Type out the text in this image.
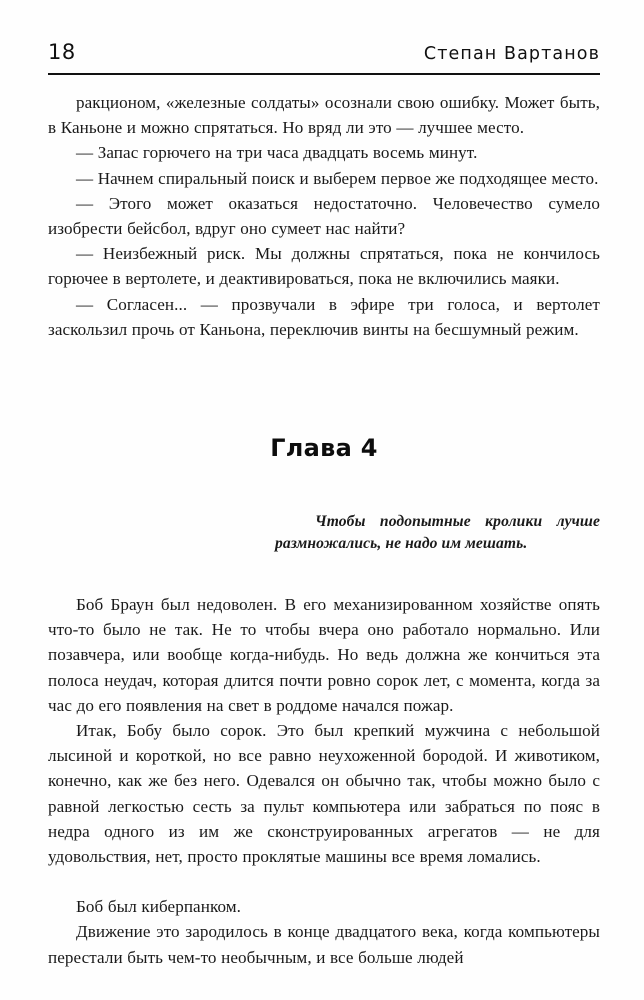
18	Степан Вартанов

ракционом, «железные солдаты» осознали свою ошибку. Может быть, в Каньоне и можно спрятаться. Но вряд ли это — лучшее место.

— Запас горючего на три часа двадцать восемь минут.

— Начнем спиральный поиск и выберем первое же подходящее место.

— Этого может оказаться недостаточно. Человечество сумело изобрести бейсбол, вдруг оно сумеет нас найти?

— Неизбежный риск. Мы должны спрятаться, пока не кончилось горючее в вертолете, и деактивироваться, пока не включились маяки.

— Согласен... — прозвучали в эфире три голоса, и вертолет заскользил прочь от Каньона, переключив винты на бесшумный режим.

Глава 4

Чтобы подопытные кролики лучше размножались, не надо им мешать.

Боб Браун был недоволен. В его механизированном хозяйстве опять что-то было не так. Не то чтобы вчера оно работало нормально. Или позавчера, или вообще когда-нибудь. Но ведь должна же кончиться эта полоса неудач, которая длится почти ровно сорок лет, с момента, когда за час до его появления на свет в роддоме начался пожар.

Итак, Бобу было сорок. Это был крепкий мужчина с небольшой лысиной и короткой, но все равно неухоженной бородой. И животиком, конечно, как же без него. Одевался он обычно так, чтобы можно было с равной легкостью сесть за пульт компьютера или забраться по пояс в недра одного из им же сконструированных агрегатов — не для удовольствия, нет, просто проклятые машины все время ломались.

Боб был киберпанком.

Движение это зародилось в конце двадцатого века, когда компьютеры перестали быть чем-то необычным, и все больше людей
